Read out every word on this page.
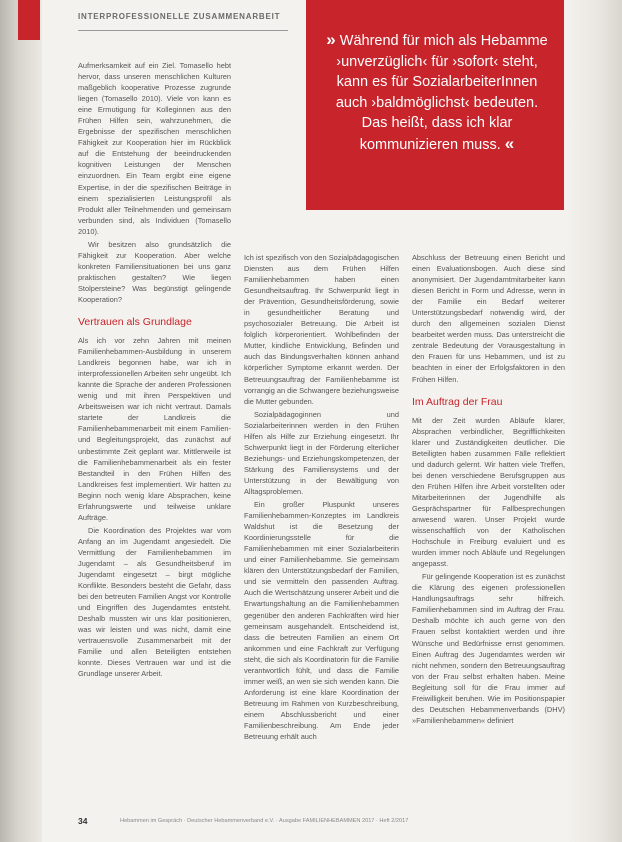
INTERPROFESSIONELLE ZUSAMMENARBEIT
» Während für mich als Hebamme ›unverzüglich‹ für ›sofort‹ steht, kann es für SozialarbeiterInnen auch ›baldmöglichst‹ bedeuten. Das heißt, dass ich klar kommunizieren muss. «

Aufmerksamkeit auf ein Ziel. Tomasello hebt hervor, dass unseren menschlichen Kulturen maßgeblich kooperative Prozesse zugrunde liegen (Tomasello 2010). Viele von kann es eine Ermutigung für Kolleginnen aus den Frühen Hilfen sein, wahrzunehmen, die Ergebnisse der spezifischen menschlichen Fähigkeit zur Kooperation hier im Rückblick auf die Entstehung der beeindruckenden kognitiven Leistungen der Menschen einzuordnen. Ein Team ergibt eine eigene Expertise, in der die spezifischen Beiträge in einem spezialisierten Leistungsprofil als Produkt aller Teilnehmenden und gemeinsam verbunden sind, als Individuen (Tomasello 2010).

Wir besitzen also grundsätzlich die Fähigkeit zur Kooperation. Aber welche konkreten Familiensituationen bei uns ganz praktischen gestalten? Wie liegen Stolpersteine? Was begünstigt gelingende Kooperation?

Vertrauen als Grundlage

Als ich vor zehn Jahren mit meinen Familienhebammen-Ausbildung in unserem Landkreis begonnen habe, war ich in interprofessionellen Arbeiten sehr ungeübt. Ich kannte die Sprache der anderen Professionen wenig und mit ihren Perspektiven und Arbeitsweisen war ich nicht vertraut. Damals startete der Landkreis die Familienhebammenarbeit mit einem Familien- und Begleitungsprojekt, das zunächst auf unbestimmte Zeit geplant war. Mittlerweile ist die Familienhebammenarbeit als ein fester Bestandteil in den Frühen Hilfen des Landkreises fest implementiert. Wir hatten zu Beginn noch wenig klare Absprachen, keine Erfahrungswerte und teilweise unklare Aufträge.

Die Koordination des Projektes war vom Anfang an im Jugendamt angesiedelt. Die Vermittlung der Familienhebammen im Jugendamt – als Gesundheitsberuf im Jugendamt eingesetzt – birgt mögliche Konflikte. Besonders besteht die Gefahr, dass bei den betreuten Familien Angst vor Kontrolle und Eingriffen des Jugendamtes entsteht. Deshalb mussten wir uns klar positionieren, was wir leisten und was nicht, damit eine vertrauensvolle Zusammenarbeit mit der Familie und allen Beteiligten entstehen konnte. Dieses Vertrauen war und ist die Grundlage unserer Arbeit.

Ich ist spezifisch von den Sozialpädagogischen Diensten aus dem Frühen Hilfen Familienhebammen haben einen Gesundheitsauftrag. Ihr Schwerpunkt liegt in der Prävention, Gesundheitsförderung, sowie in gesundheitlicher Beratung und psychosozialer Betreuung. Die Arbeit ist folglich körperorientiert. Wohlbefinden der Mutter, kindliche Entwicklung, Befinden und auch das Bindungsverhalten können anhand körperlicher Symptome erkannt werden. Der Betreuungsauftrag der Familienhebamme ist vorrangig an die Schwangere beziehungsweise die Mutter gebunden.

Sozialpädagoginnen und Sozialarbeiterinnen werden in den Frühen Hilfen als Hilfe zur Erziehung eingesetzt. Ihr Schwerpunkt liegt in der Förderung elterlicher Beziehungs- und Erziehungskompetenzen, der Stärkung des Familiensystems und der Unterstützung in der Bewältigung von Alltagsproblemen.

Ein großer Pluspunkt unseres Familienhebammen-Konzeptes im Landkreis Waldshut ist die Besetzung der Koordinierungsstelle für die Familienhebammen mit einer Sozialarbeiterin und einer Familienhebamme. Sie gemeinsam klären den Unterstützungsbedarf der Familien, und sie vermitteln den passenden Auftrag. Auch die Wertschätzung unserer Arbeit und die Erwartungshaltung an die Familienhebammen gegenüber den anderen Fachkräften wird hier gemeinsam ausgehandelt. Entscheidend ist, dass die betreuten Familien an einem Ort ankommen und eine Fachkraft zur Verfügung steht, die sich als Koordinatorin für die Familie verantwortlich fühlt, und dass die Familie immer weiß, an wen sie sich wenden kann. Die Anforderung ist eine klare Koordination der Betreuung im Rahmen von Kurzbeschreibung, einem Abschlussbericht und einer Familienbeschreibung. Am Ende jeder Betreuung erhält auch

Abschluss der Betreuung einen Bericht und einen Evaluationsbogen. Auch diese sind anonymisiert. Der Jugendamtmitarbeiter kann diesen Bericht in Form und Adresse, wenn in der Familie ein Bedarf weiterer Unterstützungsbedarf notwendig wird, der durch den allgemeinen sozialen Dienst bearbeitet werden muss. Das unterstreicht die zentrale Bedeutung der Vorausgestaltung in den Frauen für uns Hebammen, und ist zu beachten in einer der Erfolgsfaktoren in den Frühen Hilfen.

Im Auftrag der Frau

Mit der Zeit wurden Abläufe klarer, Absprachen verbindlicher, Begrifflichkeiten klarer und Zuständigkeiten deutlicher. Die Beteiligten haben zusammen Fälle reflektiert und dadurch gelernt. Wir hatten viele Treffen, bei denen verschiedene Berufsgruppen aus den Frühen Hilfen ihre Arbeit vorstellten oder Mitarbeiterinnen der Jugendhilfe als Gesprächspartner für Fallbesprechungen anwesend waren. Unser Projekt wurde wissenschaftlich von der Katholischen Hochschule in Freiburg evaluiert und es wurden immer noch Abläufe und Regelungen angepasst.

Für gelingende Kooperation ist es zunächst die Klärung des eigenen professionellen Handlungsauftrags sehr hilfreich. Familienhebammen sind im Auftrag der Frau. Deshalb möchte ich auch gerne von den Frauen selbst kontaktiert werden und ihre Wünsche und Bedürfnisse ernst genommen. Einen Auftrag des Jugendamtes werden wir nicht nehmen, sondern den Betreuungsauftrag von der Frau selbst erhalten haben. Meine Begleitung soll für die Frau immer auf Freiwilligkeit beruhen. Wie im Positionspapier des Deutschen Hebammenverbands (DHV) »Familienhebammen« definiert

34	Hebammen im Gespräch · Deutscher Hebammenverband e.V. · Ausgabe FAMILIENHEBAMMEN 2017 · Heft 2/2017
